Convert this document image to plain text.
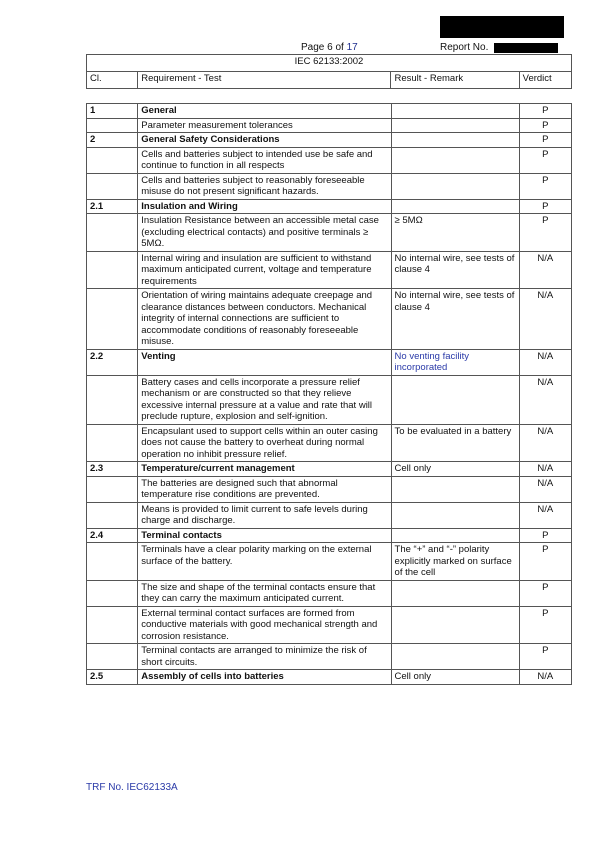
Page 6 of 17	Report No.
IEC 62133:2002
Cl.	Requirement - Test	Result - Remark	Verdict
1	General		P
	Parameter measurement tolerances		P
2	General Safety Considerations		P
	Cells and batteries subject to intended use be safe and continue to function in all respects		P
	Cells and batteries subject to reasonably foreseeable misuse do not present significant hazards.		P
2.1	Insulation and Wiring		P
	Insulation Resistance between an accessible metal case (excluding electrical contacts) and positive terminals ≥ 5MΩ.	≥ 5MΩ	P
	Internal wiring and insulation are sufficient to withstand maximum anticipated current, voltage and temperature requirements	No internal wire, see tests of clause 4	N/A
	Orientation of wiring maintains adequate creepage and clearance distances between conductors. Mechanical integrity of internal connections are sufficient to accommodate conditions of reasonably foreseeable misuse.	No internal wire, see tests of clause 4	N/A
2.2	Venting	No venting facility incorporated	N/A
	Battery cases and cells incorporate a pressure relief mechanism or are constructed so that they relieve excessive internal pressure at a value and rate that will preclude rupture, explosion and self-ignition.		N/A
	Encapsulant used to support cells within an outer casing does not cause the battery to overheat during normal operation no inhibit pressure relief.	To be evaluated in a battery	N/A
2.3	Temperature/current management	Cell only	N/A
	The batteries are designed such that abnormal temperature rise conditions are prevented.		N/A
	Means is provided to limit current to safe levels during charge and discharge.		N/A
2.4	Terminal contacts		P
	Terminals have a clear polarity marking on the external surface of the battery.	The “+” and “-” polarity explicitly marked on surface of the cell	P
	The size and shape of the terminal contacts ensure that they can carry the maximum anticipated current.		P
	External terminal contact surfaces are formed from conductive materials with good mechanical strength and corrosion resistance.		P
	Terminal contacts are arranged to minimize the risk of short circuits.		P
2.5	Assembly of cells into batteries	Cell only	N/A
TRF No. IEC62133A
